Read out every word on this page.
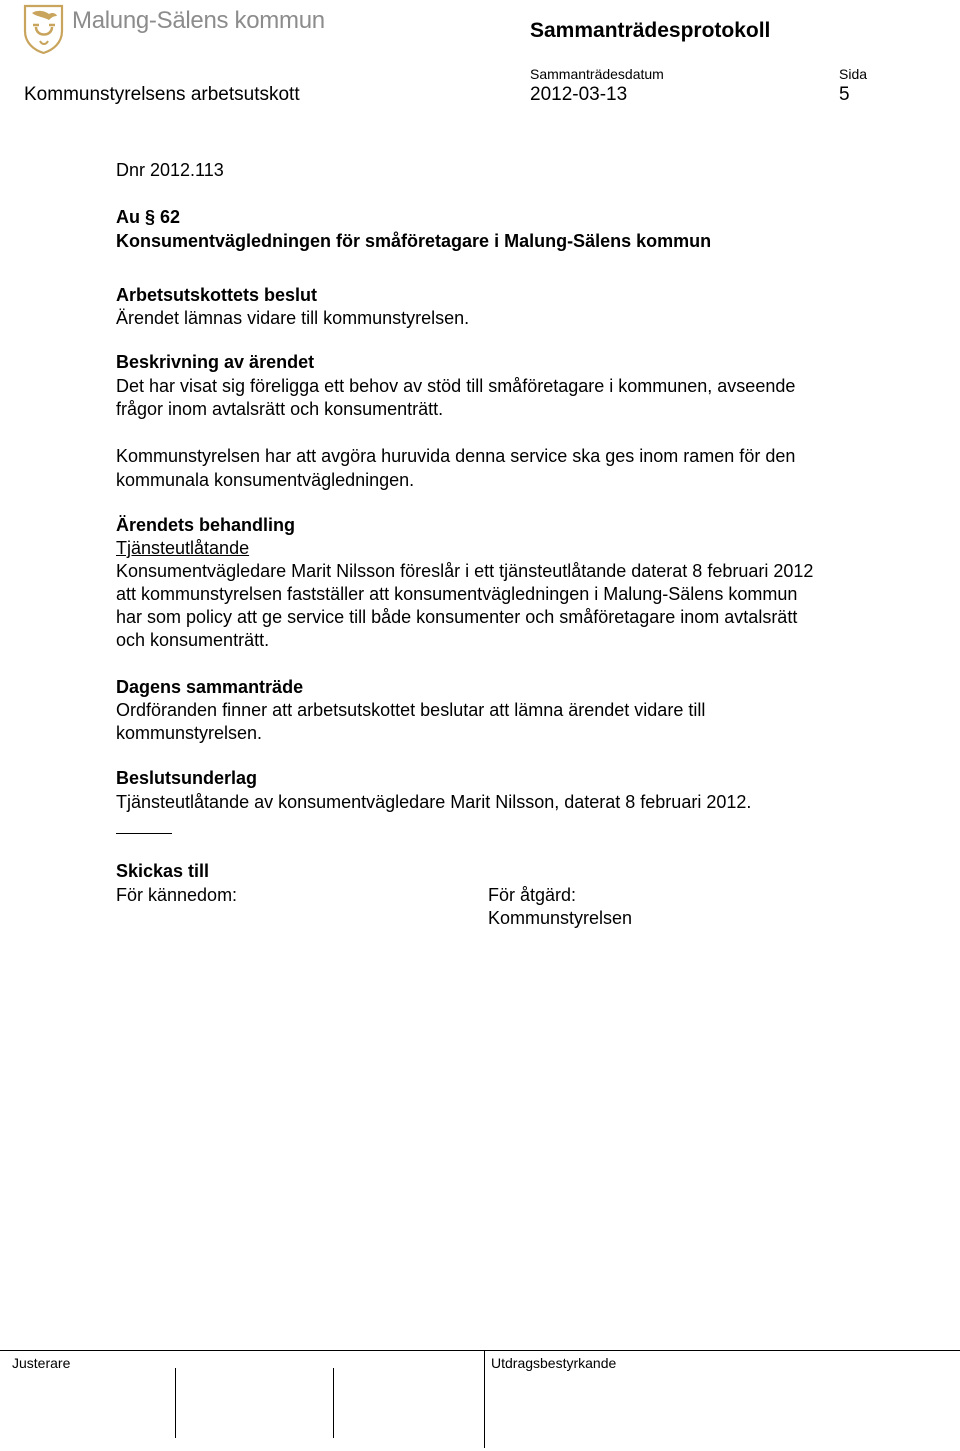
Malung-Sälens kommun	Sammanträdesprotokoll
Sammanträdesdatum	Sida
Kommunstyrelsens arbetsutskott	2012-03-13	5
Dnr 2012.113
Au § 62
Konsumentvägledningen för småföretagare i Malung-Sälens kommun
Arbetsutskottets beslut
Ärendet lämnas vidare till kommunstyrelsen.
Beskrivning av ärendet
Det har visat sig föreligga ett behov av stöd till småföretagare i kommunen, avseende
frågor inom avtalsrätt och konsumenträtt.
Kommunstyrelsen har att avgöra huruvida denna service ska ges inom ramen för den
kommunala konsumentvägledningen.
Ärendets behandling
Tjänsteutlåtande
Konsumentvägledare Marit Nilsson föreslår i ett tjänsteutlåtande daterat 8 februari 2012
att kommunstyrelsen fastställer att konsumentvägledningen i Malung-Sälens kommun
har som policy att ge service till både konsumenter och småföretagare inom avtalsrätt
och konsumenträtt.
Dagens sammanträde
Ordföranden finner att arbetsutskottet beslutar att lämna ärendet vidare till
kommunstyrelsen.
Beslutsunderlag
Tjänsteutlåtande av konsumentvägledare Marit Nilsson, daterat 8 februari 2012.
Skickas till
För kännedom:	För åtgärd:
Kommunstyrelsen
Justerare	Utdragsbestyrkande
